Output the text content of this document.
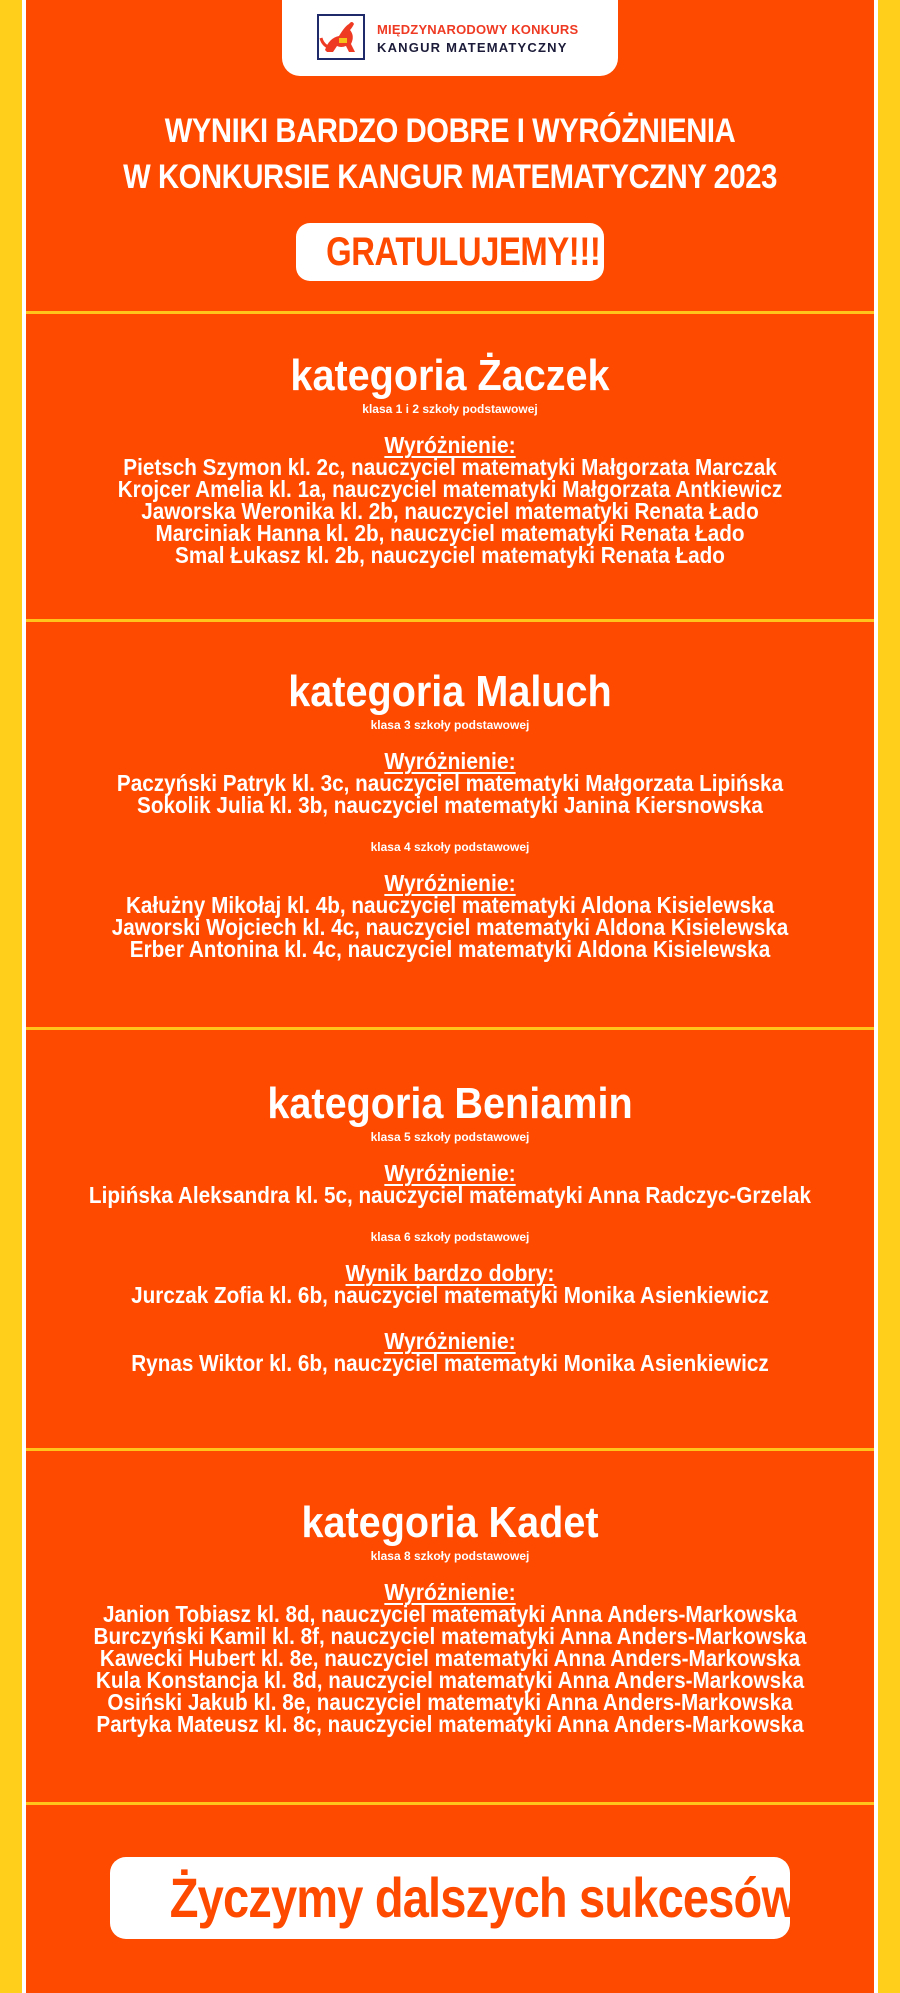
MIĘDZYNARODOWY KONKURS
KANGUR MATEMATYCZNY
WYNIKI BARDZO DOBRE I WYRÓŻNIENIA
W KONKURSIE KANGUR MATEMATYCZNY 2023
GRATULUJEMY!!!
kategoria Żaczek

klasa 1 i 2 szkoły podstawowej

Wyróżnienie:

Pietsch Szymon kl. 2c, nauczyciel matematyki Małgorzata Marczak

Krojcer Amelia kl. 1a, nauczyciel matematyki Małgorzata Antkiewicz

Jaworska Weronika kl. 2b, nauczyciel matematyki Renata Łado

Marciniak Hanna kl. 2b, nauczyciel matematyki Renata Łado

Smal Łukasz kl. 2b, nauczyciel matematyki Renata Łado

kategoria Maluch

klasa 3 szkoły podstawowej

Wyróżnienie:

Paczyński Patryk kl. 3c, nauczyciel matematyki Małgorzata Lipińska

Sokolik Julia kl. 3b, nauczyciel matematyki Janina Kiersnowska

klasa 4 szkoły podstawowej

Wyróżnienie:

Kałużny Mikołaj kl. 4b, nauczyciel matematyki Aldona Kisielewska

Jaworski Wojciech kl. 4c, nauczyciel matematyki Aldona Kisielewska

Erber Antonina kl. 4c, nauczyciel matematyki Aldona Kisielewska

kategoria Beniamin

klasa 5 szkoły podstawowej

Wyróżnienie:

Lipińska Aleksandra kl. 5c, nauczyciel matematyki Anna Radczyc-Grzelak

klasa 6 szkoły podstawowej

Wynik bardzo dobry:

Jurczak Zofia kl. 6b, nauczyciel matematyki Monika Asienkiewicz

Wyróżnienie:

Rynas Wiktor kl. 6b, nauczyciel matematyki Monika Asienkiewicz

kategoria Kadet

klasa 8 szkoły podstawowej

Wyróżnienie:

Janion Tobiasz kl. 8d, nauczyciel matematyki Anna Anders-Markowska

Burczyński Kamil kl. 8f, nauczyciel matematyki Anna Anders-Markowska

Kawecki Hubert kl. 8e, nauczyciel matematyki Anna Anders-Markowska

Kula Konstancja kl. 8d, nauczyciel matematyki Anna Anders-Markowska

Osiński Jakub kl. 8e, nauczyciel matematyki Anna Anders-Markowska

Partyka Mateusz kl. 8c, nauczyciel matematyki Anna Anders-Markowska

Życzymy dalszych sukcesów
